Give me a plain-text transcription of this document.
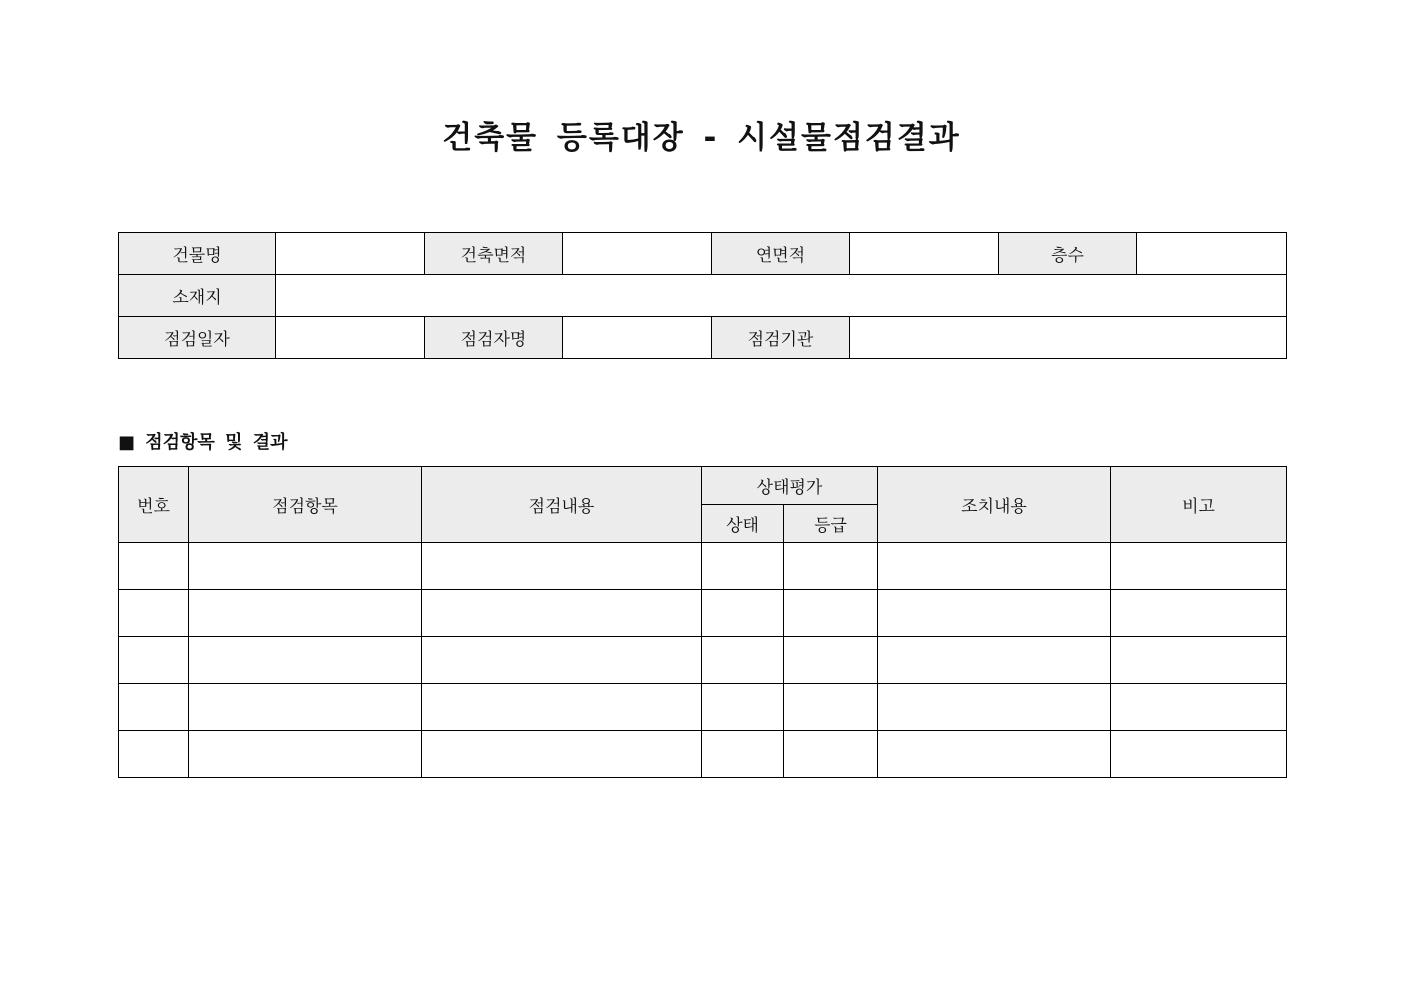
건축물 등록대장 - 시설물점검결과
건물명		건축면적		연면적		층수	
소재지							
점검일자		점검자명		점검기관			
■ 점검항목 및 결과
번호	점검항목	점검내용	상태평가		조치내용	비고
			상태	등급		
